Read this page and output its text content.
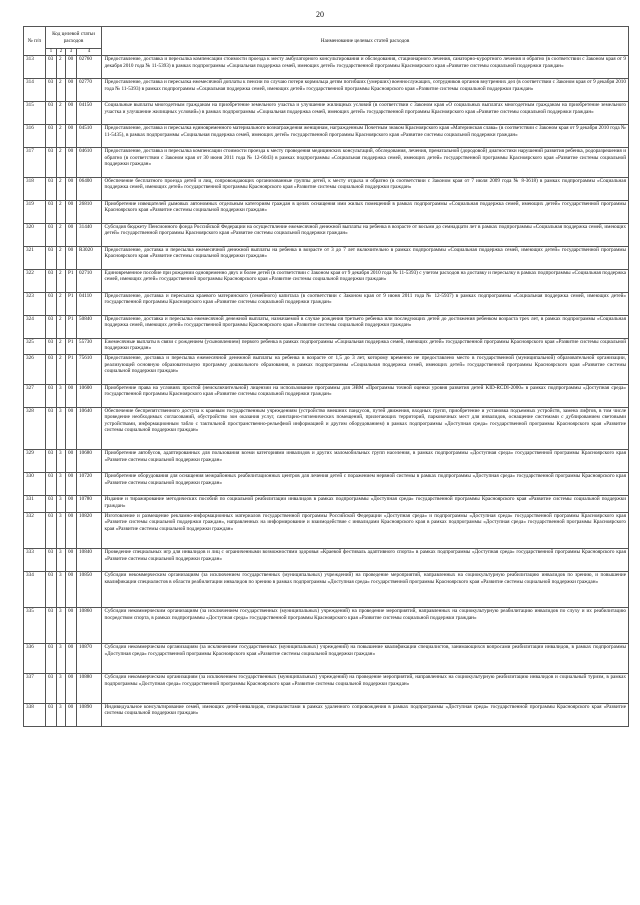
20
№ п/п	Код целевой статьи расходов				Наименование целевых статей расходов
	1	2	3	4	
313	03	2	00	02760	Предоставление, доставка и пересылка компенсации стоимости проезда к месту амбулаторного консультирования и обследования, стационарного лечения, санаторно-курортного лечения и обратно (в соответствии с Законом края от 9 декабря 2010 года № 11-5393) в рамках подпрограммы «Социальная поддержка семей, имеющих детей» государственной программы Красноярского края «Развитие системы социальной поддержки граждан»
314	03	2	00	02770	Предоставление, доставка и пересылка ежемесячной доплаты к пенсии по случаю потери кормильца детям погибших (умерших) военнослужащих, сотрудников органов внутренних дел (в соответствии с Законом края от 9 декабря 2010 года № 11-5393) в рамках подпрограммы «Социальная поддержка семей, имеющих детей» государственной программы Красноярского края «Развитие системы социальной поддержки граждан»
315	03	2	00	04150	Социальные выплаты многодетным гражданам на приобретение земельного участка и улучшение жилищных условий (в соответствии с Законом края «О социальных выплатах многодетным гражданам на приобретение земельного участка и улучшение жилищных условий») в рамках подпрограммы «Социальная поддержка семей, имеющих детей» государственной программы Красноярского края «Развитие системы социальной поддержки граждан»
316	03	2	00	04510	Предоставление, доставка и пересылка единовременного материального вознаграждения женщинам, награжденным Почетным знаком Красноярского края «Материнская слава» (в соответствии с Законом края от 9 декабря 2010 года № 11-5435), в рамках подпрограммы «Социальная поддержка семей, имеющих детей» государственной программы Красноярского края «Развитие системы социальной поддержки граждан»
317	03	2	00	04610	Предоставление, доставка и пересылка компенсации стоимости проезда к месту проведения медицинских консультаций, обследования, лечения, пренатальной (дородовой) диагностики нарушений развития ребенка, родоразрешения и обратно (в соответствии с Законом края от 30 июня 2011 года № 12-6043) в рамках подпрограммы «Социальная поддержка семей, имеющих детей» государственной программы Красноярского края «Развитие системы социальной поддержки граждан»
318	03	2	00	06400	Обеспечение бесплатного проезда детей и лиц, сопровождающих организованные группы детей, к месту отдыха и обратно (в соответствии с Законом края от 7 июля 2009 года № 8-3618) в рамках подпрограммы «Социальная поддержка семей, имеющих детей» государственной программы Красноярского края «Развитие системы социальной поддержки граждан»
319	03	2	00	26810	Приобретение извещателей дымовых автономных отдельным категориям граждан в целях оснащения ими жилых помещений в рамках подпрограммы «Социальная поддержка семей, имеющих детей» государственной программы Красноярского края «Развитие системы социальной поддержки граждан»
320	03	2	00	31440	Субсидия бюджету Пенсионного фонда Российской Федерации на осуществление ежемесячной денежной выплаты на ребенка в возрасте от восьми до семнадцати лет в рамках подпрограммы «Социальная поддержка семей, имеющих детей» государственной программы Красноярского края «Развитие системы социальной поддержки граждан»
321	03	2	00	R3020	Предоставление, доставка и пересылка ежемесячной денежной выплаты на ребенка в возрасте от 3 до 7 лет включительно в рамках подпрограммы «Социальная поддержка семей, имеющих детей» государственной программы Красноярского края «Развитие системы социальной поддержки граждан»
322	03	2	P1	02710	Единовременное пособие при рождении одновременно двух и более детей (в соответствии с Законом края от 9 декабря 2010 года № 11-5393) с учетом расходов на доставку и пересылку в рамках подпрограммы «Социальная поддержка семей, имеющих детей» государственной программы Красноярского края «Развитие системы социальной поддержки граждан»
323	03	2	P1	04110	Предоставление, доставка и пересылка краевого материнского (семейного) капитала (в соответствии с Законом края от 9 июня 2011 года № 12-5937) в рамках подпрограммы «Социальная поддержка семей, имеющих детей» государственной программы Красноярского края «Развитие системы социальной поддержки граждан»
324	03	2	P1	50840	Предоставление, доставка и пересылка ежемесячной денежной выплаты, назначаемой в случае рождения третьего ребенка или последующих детей до достижения ребенком возраста трех лет, в рамках подпрограммы «Социальная поддержка семей, имеющих детей» государственной программы Красноярского края «Развитие системы социальной поддержки граждан»
325	03	2	P1	55730	Ежемесячные выплаты в связи с рождением (усыновлением) первого ребенка в рамках подпрограммы «Социальная поддержка семей, имеющих детей» государственной программы Красноярского края «Развитие системы социальной поддержки граждан»
326	03	2	P1	75610	Предоставление, доставка и пересылка ежемесячной денежной выплаты на ребенка в возрасте от 1,5 до 3 лет, которому временно не предоставлено место в государственной (муниципальной) образовательной организации, реализующей основную образовательную программу дошкольного образования, в рамках подпрограммы «Социальная поддержка семей, имеющих детей» государственной программы Красноярского края «Развитие системы социальной поддержки граждан»
327	03	3	00	10600	Приобретение права на условиях простой (неисключительной) лицензии на использование программы для ЭВМ «Программы точной оценки уровня развития детей KID-RCDI-2000» в рамках подпрограммы «Доступная среда» государственной программы Красноярского края «Развитие системы социальной поддержки граждан»
328	03	3	00	10640	Обеспечение беспрепятственного доступа к краевым государственным учреждениям (устройство внешних пандусов, путей движения, входных групп, приобретение и установка подъемных устройств, замена лифтов, в том числе проведение необходимых согласований, обустройство зон оказания услуг, санитарно-гигиенических помещений, прилегающих территорий, парковочных мест для инвалидов, оснащение системами с дублированием световыми устройствами, информационным табло с тактильной пространственно-рельефной информацией и другим оборудованием) в рамках подпрограммы «Доступная среда» государственной программы Красноярского края «Развитие системы социальной поддержки граждан»
329	03	3	00	10680	Приобретение автобусов, адаптированных для пользования всеми категориями инвалидов и других маломобильных групп населения, в рамках подпрограммы «Доступная среда» государственной программы Красноярского края «Развитие системы социальной поддержки граждан»
330	03	3	00	10720	Приобретение оборудования для оснащения межрайонных реабилитационных центров для лечения детей с поражением нервной системы в рамках подпрограммы «Доступная среда» государственной программы Красноярского края «Развитие системы социальной поддержки граждан»
331	03	3	00	10780	Издание и тиражирование методических пособий по социальной реабилитации инвалидов в рамках подпрограммы «Доступная среда» государственной программы Красноярского края «Развитие системы социальной поддержки граждан»
332	03	3	00	10820	Изготовление и размещение рекламно-информационных материалов государственной программы Российской Федерации «Доступная среда» и подпрограммы «Доступная среда» государственной программы Красноярского края «Развитие системы социальной поддержки граждан», направленных на информирование и взаимодействие с инвалидами Красноярского края в рамках подпрограммы «Доступная среда» государственной программы Красноярского края «Развитие системы социальной поддержки граждан»
333	03	3	00	10840	Проведение специальных игр для инвалидов и лиц с ограниченными возможностями здоровья «Краевой фестиваль адаптивного спорта» в рамках подпрограммы «Доступная среда» государственной программы Красноярского края «Развитие системы социальной поддержки граждан»
334	03	3	00	10850	Субсидии некоммерческим организациям (за исключением государственных (муниципальных) учреждений) на проведение мероприятий, направленных на социокультурную реабилитацию инвалидов по зрению, и повышение квалификации специалистов в области реабилитации инвалидов по зрению в рамках подпрограммы «Доступная среда» государственной программы Красноярского края «Развитие системы социальной поддержки граждан»
335	03	3	00	10860	Субсидии некоммерческим организациям (за исключением государственных (муниципальных) учреждений) на проведение мероприятий, направленных на социокультурную реабилитацию инвалидов по слуху и их реабилитацию посредством спорта, в рамках подпрограммы «Доступная среда» государственной программы Красноярского края «Развитие системы социальной поддержки граждан»
336	03	3	00	10870	Субсидии некоммерческим организациям (за исключением государственных (муниципальных) учреждений) на повышение квалификации специалистов, занимающихся вопросами реабилитации инвалидов, в рамках подпрограммы «Доступная среда» государственной программы Красноярского края «Развитие системы социальной поддержки граждан»
337	03	3	00	10880	Субсидии некоммерческим организациям (за исключением государственных (муниципальных) учреждений) на проведение мероприятий, направленных на социокультурную реабилитацию инвалидов и социальный туризм, в рамках подпрограммы «Доступная среда» государственной программы Красноярского края «Развитие системы социальной поддержки граждан»
338	03	3	00	10890	Индивидуальное консультирование семей, имеющих детей-инвалидов, специалистами в рамках удаленного сопровождения в рамках подпрограммы «Доступная среда» государственной программы Красноярского края «Развитие системы социальной поддержки граждан»
